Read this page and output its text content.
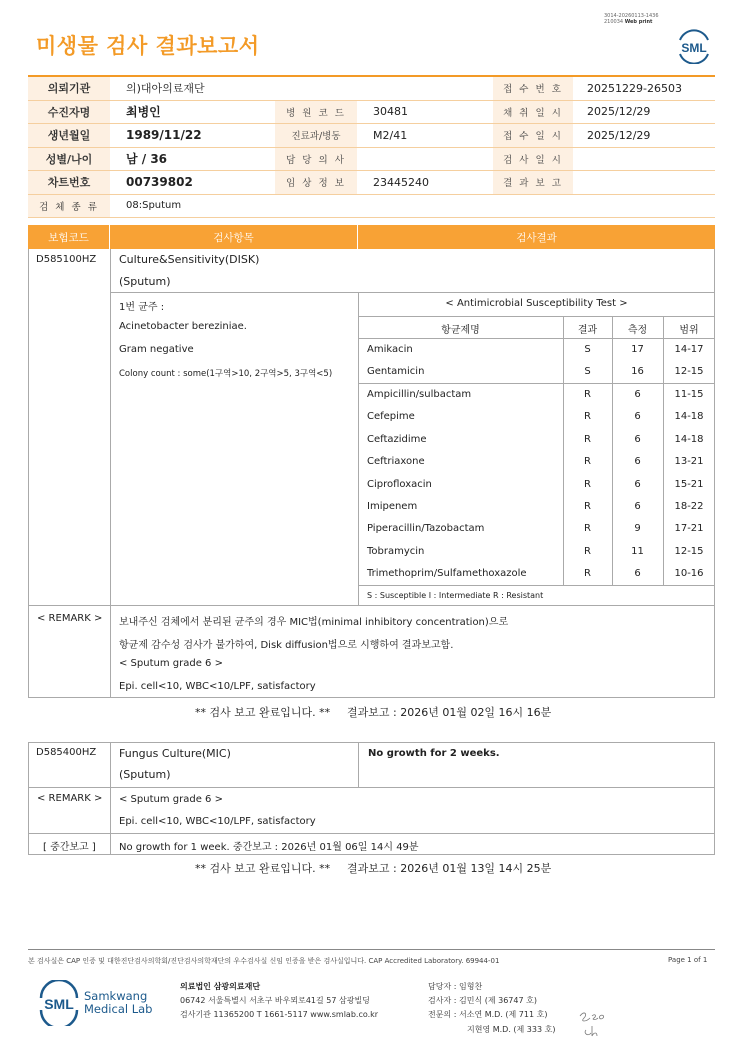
미생물 검사 결과보고서
3014-20260113-1436
210034 Web print
SML
의뢰기관	의)대아의료재단	접 수 번 호	20251229-26503
수진자명	최병인	병 원 코 드	30481	채 취 일 시	2025/12/29
생년월일	1989/11/22	진료과/병동	M2/41	접 수 일 시	2025/12/29
성별/나이	남 / 36	담 당 의 사	검 사 일 시
차트번호	00739802	임 상 정 보	23445240	결 과 보 고
검 체 종 류	08:Sputum
보험코드	검사항목	검사결과
D585100HZ Culture&Sensitivity(DISK)
(Sputum)
1번 균주 :
Acinetobacter bereziniae.
Gram negative
Colony count : some(1구역>10, 2구역>5, 3구역<5)
< Antimicrobial Susceptibility Test >
항균제명	결과	측정	범위
Amikacin	S	17	14-17
Gentamicin	S	16	12-15
Ampicillin/sulbactam	R	6	11-15
Cefepime	R	6	14-18
Ceftazidime	R	6	14-18
Ceftriaxone	R	6	13-21
Ciprofloxacin	R	6	15-21
Imipenem	R	6	18-22
Piperacillin/Tazobactam	R	9	17-21
Tobramycin	R	11	12-15
Trimethoprim/Sulfamethoxazole	R	6	10-16
S : Susceptible I : Intermediate R : Resistant
< REMARK > 보내주신 검체에서 분리된 균주의 경우 MIC법(minimal inhibitory concentration)으로
항균제 감수성 검사가 불가하여, Disk diffusion법으로 시행하여 결과보고함.
< Sputum grade 6 >
Epi. cell<10, WBC<10/LPF, satisfactory
** 검사 보고 완료입니다. ** 결과보고 : 2026년 01월 02일 16시 16분
D585400HZ Fungus Culture(MIC)
(Sputum)
No growth for 2 weeks.
< REMARK > < Sputum grade 6 >
Epi. cell<10, WBC<10/LPF, satisfactory
[ 중간보고 ] No growth for 1 week. 중간보고 : 2026년 01월 06일 14시 49분
** 검사 보고 완료입니다. ** 결과보고 : 2026년 01월 13일 14시 25분
본 검사실은 CAP 인증 및 대한진단검사의학회/진단검사의학재단의 우수검사실 신임 인증을 받은 검사실입니다. CAP Accredited Laboratory. 69944-01	Page 1 of 1
SML Samkwang
Medical Lab
의료법인 삼광의료재단
06742 서울특별시 서초구 바우뫼로41길 57 삼광빌딩
검사기관 11365200 T 1661-5117 www.smlab.co.kr
담당자 : 임형찬
검사자 : 김민식 (제 36747 호)
전문의 : 서소연 M.D. (제 711 호)
지현영 M.D. (제 333 호)
